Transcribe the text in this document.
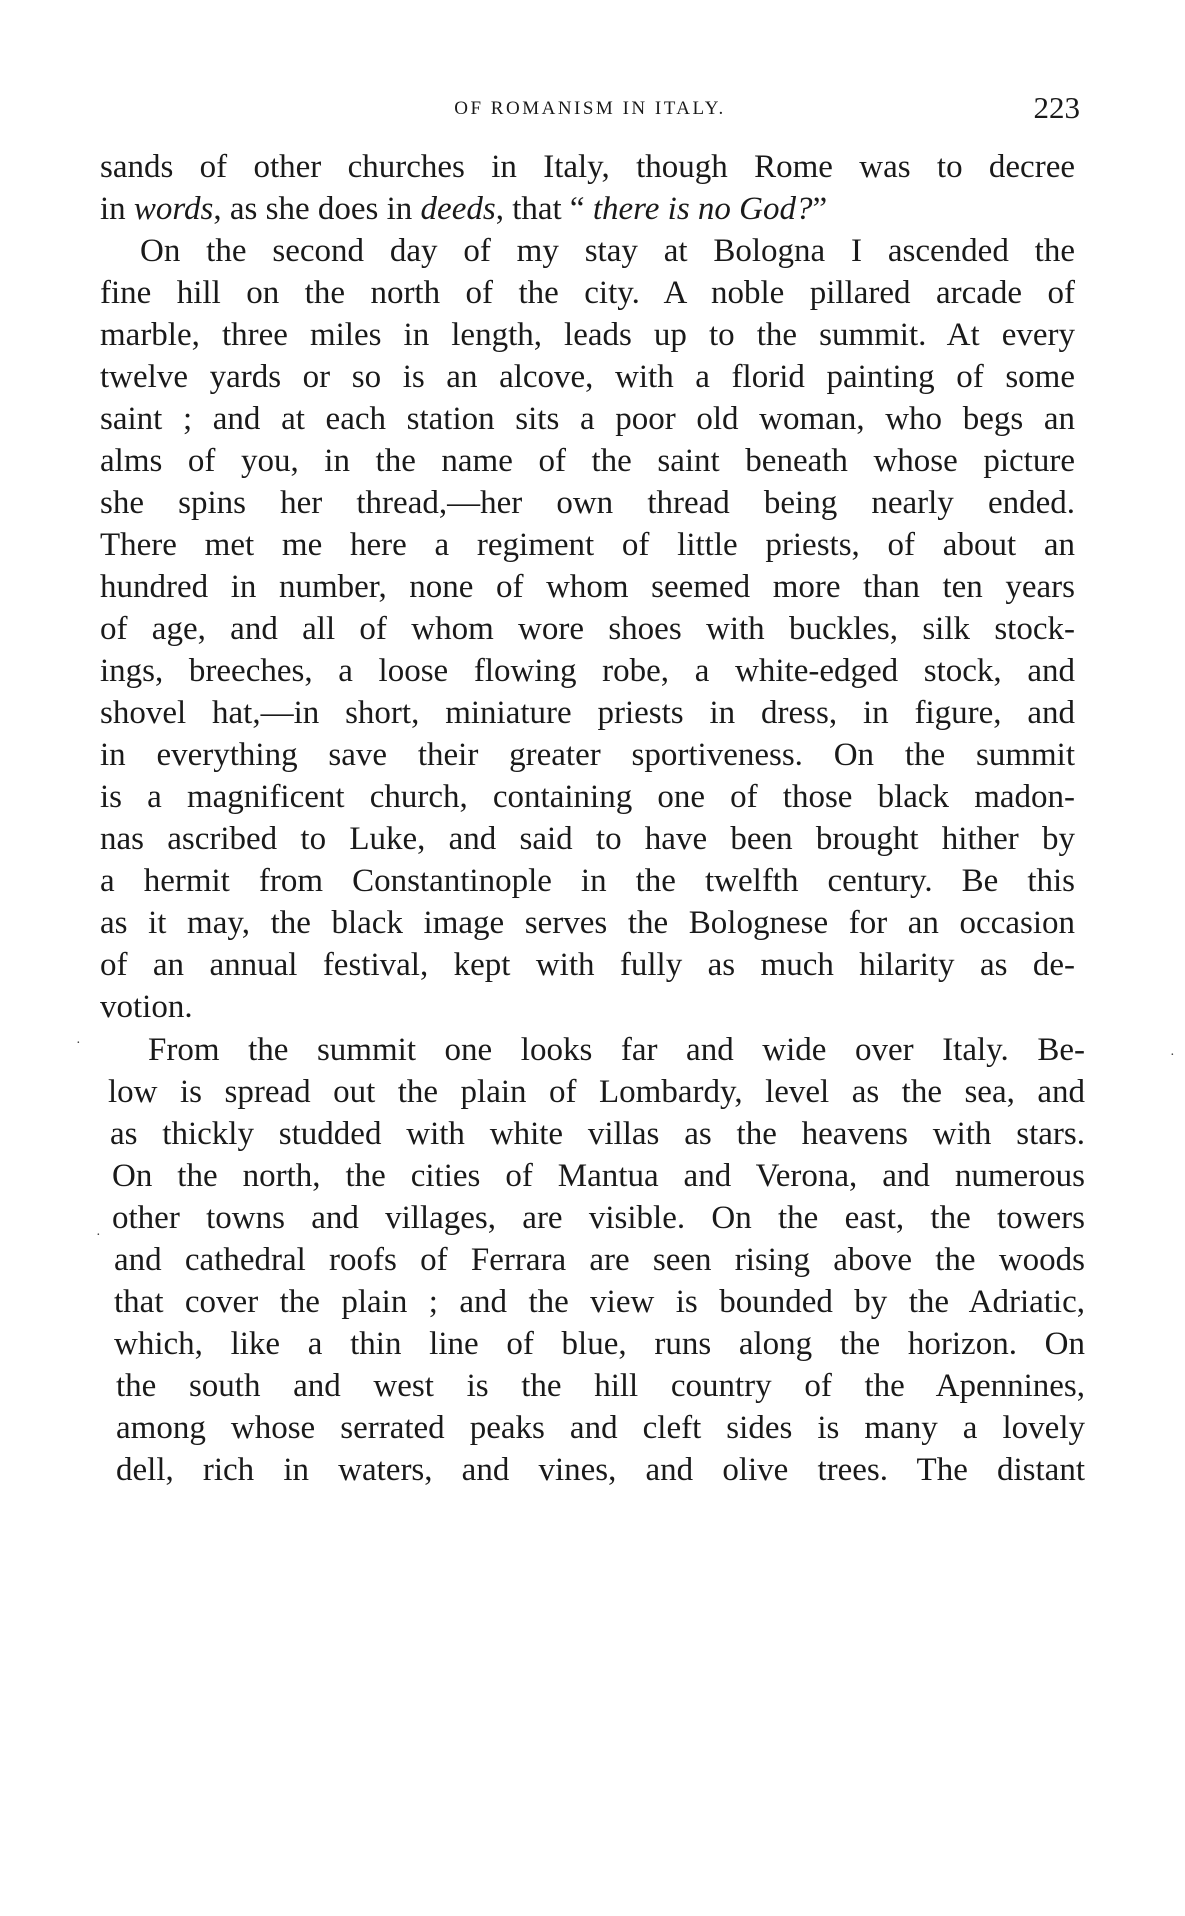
OF ROMANISM IN ITALY.	223
sands of other churches in Italy, though Rome was to decree
in words, as she does in deeds, that “ there is no God?”
On the second day of my stay at Bologna I ascended the
fine hill on the north of the city. A noble pillared arcade of
marble, three miles in length, leads up to the summit. At every
twelve yards or so is an alcove, with a florid painting of some
saint ; and at each station sits a poor old woman, who begs an
alms of you, in the name of the saint beneath whose picture
she spins her thread,—her own thread being nearly ended.
There met me here a regiment of little priests, of about an
hundred in number, none of whom seemed more than ten years
of age, and all of whom wore shoes with buckles, silk stock-
ings, breeches, a loose flowing robe, a white-edged stock, and
shovel hat,—in short, miniature priests in dress, in figure, and
in everything save their greater sportiveness. On the summit
is a magnificent church, containing one of those black madon-
nas ascribed to Luke, and said to have been brought hither by
a hermit from Constantinople in the twelfth century. Be this
as it may, the black image serves the Bolognese for an occasion
of an annual festival, kept with fully as much hilarity as de-
votion.
From the summit one looks far and wide over Italy. Be-
low is spread out the plain of Lombardy, level as the sea, and
as thickly studded with white villas as the heavens with stars.
On the north, the cities of Mantua and Verona, and numerous
other towns and villages, are visible. On the east, the towers
and cathedral roofs of Ferrara are seen rising above the woods
that cover the plain ; and the view is bounded by the Adriatic,
which, like a thin line of blue, runs along the horizon. On
the south and west is the hill country of the Apennines,
among whose serrated peaks and cleft sides is many a lovely
dell, rich in waters, and vines, and olive trees. The distant
·
·
·
